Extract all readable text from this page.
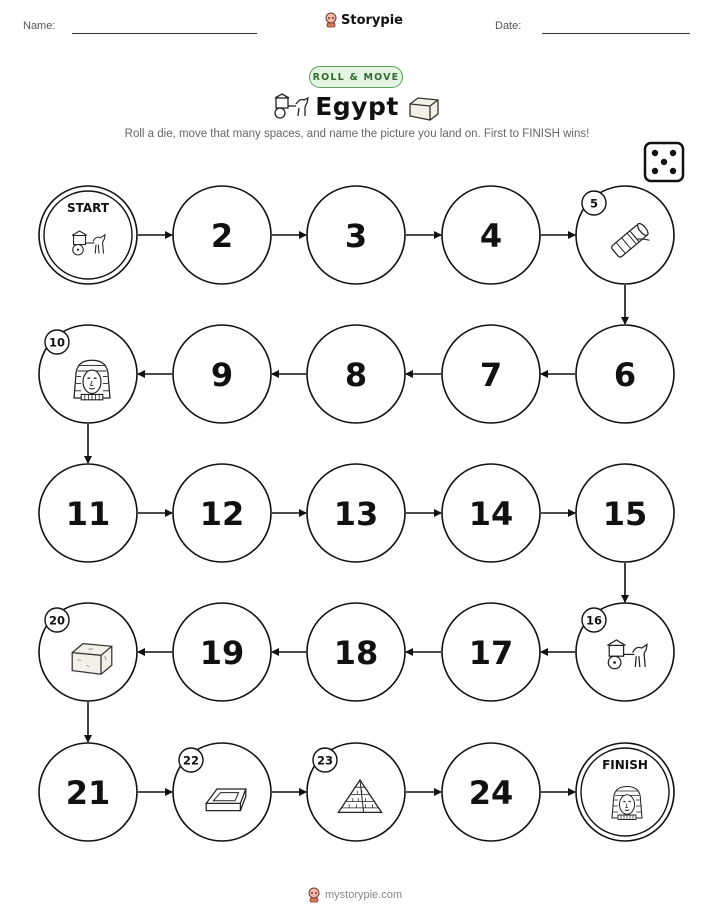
Name:	Storypie	Date:
ROLL & MOVE
Egypt
Roll a die, move that many spaces, and name the picture you land on. First to FINISH wins!
START
2	3	4
5
6
7
8
9
10
11	12	13	14	15
16
17
18
19
20
21
22	23
24
FINISH
mystorypie.com
